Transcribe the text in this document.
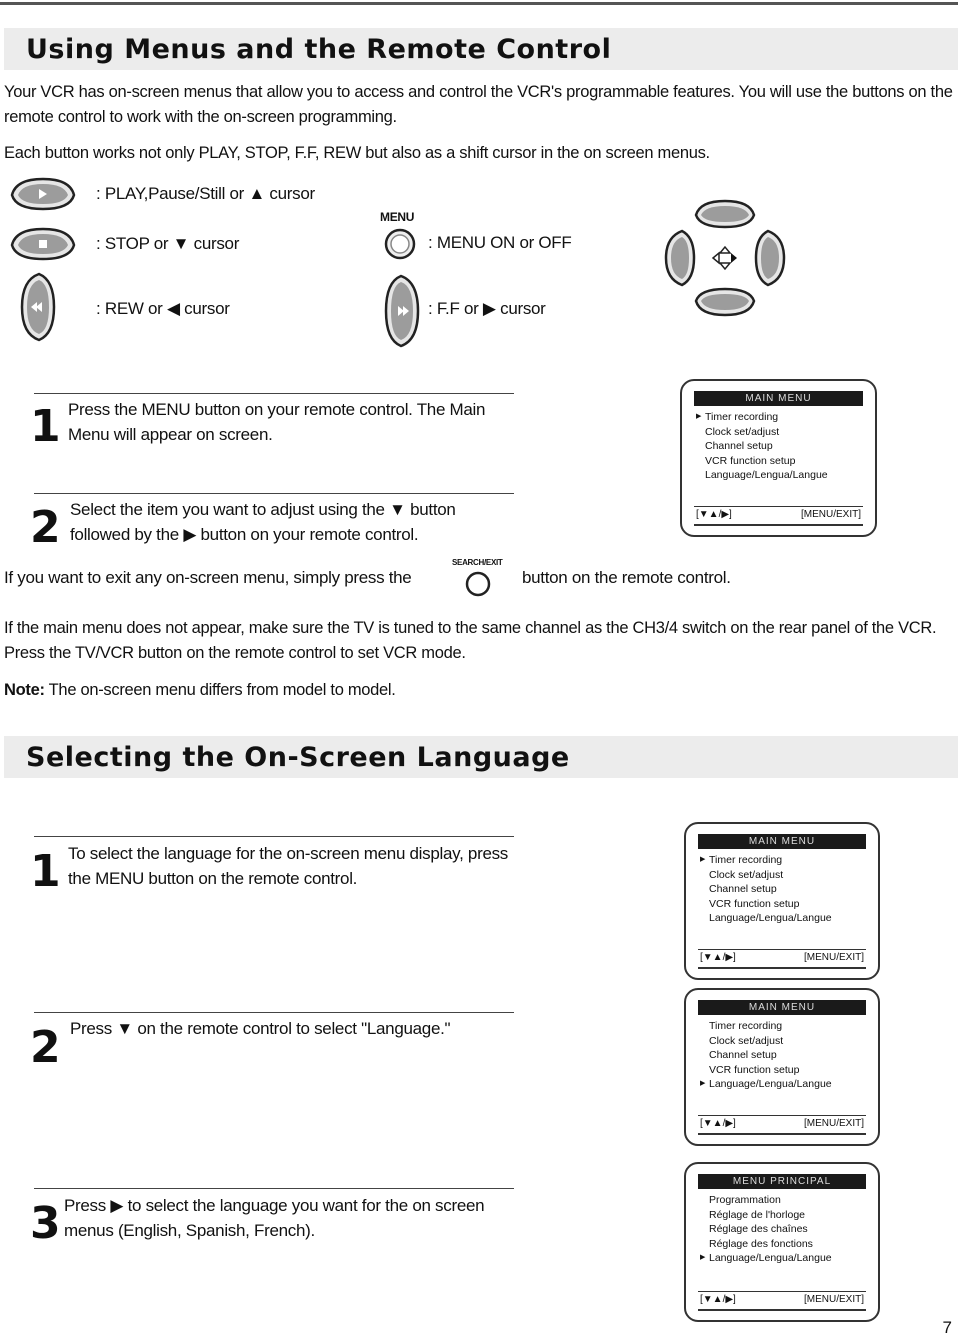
Using Menus and the Remote Control
Your VCR has on-screen menus that allow you to access and control the VCR's programmable features. You will use the buttons on the remote control to work with the on-screen programming.
Each button works not only PLAY, STOP, F.F, REW but also as a shift cursor in the on screen menus.
: PLAY,Pause/Still or ▲ cursor
: STOP or ▼ cursor
: REW or ◀ cursor
MENU
: MENU ON or OFF
: F.F or ▶ cursor
1 Press the MENU button on your remote control. The Main Menu will appear on screen.
2 Select the item you want to adjust using the ▼ button followed by the ▶ button on your remote control.
MAIN MENU
▶ Timer recording
Clock set/adjust
Channel setup
VCR function setup
Language/Lengua/Langue
[▼▲/▶]	[MENU/EXIT]
If you want to exit any on-screen menu, simply press the
SEARCH/EXIT
button on the remote control.
If the main menu does not appear, make sure the TV is tuned to the same channel as the CH3/4 switch on the rear panel of the VCR. Press the TV/VCR button on the remote control to set VCR mode.
Note: The on-screen menu differs from model to model.
Selecting the On-Screen Language
1 To select the language for the on-screen menu display, press the MENU button on the remote control.
2 Press ▼ on the remote control to select "Language."
3 Press ▶ to select the language you want for the on screen menus (English, Spanish, French).
MAIN MENU
▶ Timer recording
Clock set/adjust
Channel setup
VCR function setup
Language/Lengua/Langue
[▼▲/▶]	[MENU/EXIT]
MAIN MENU
Timer recording
Clock set/adjust
Channel setup
VCR function setup
▶ Language/Lengua/Langue
[▼▲/▶]	[MENU/EXIT]
MENU PRINCIPAL
Programmation
Réglage de l'horloge
Réglage des chaînes
Réglage des fonctions
▶ Language/Lengua/Langue
[▼▲/▶]	[MENU/EXIT]
7
